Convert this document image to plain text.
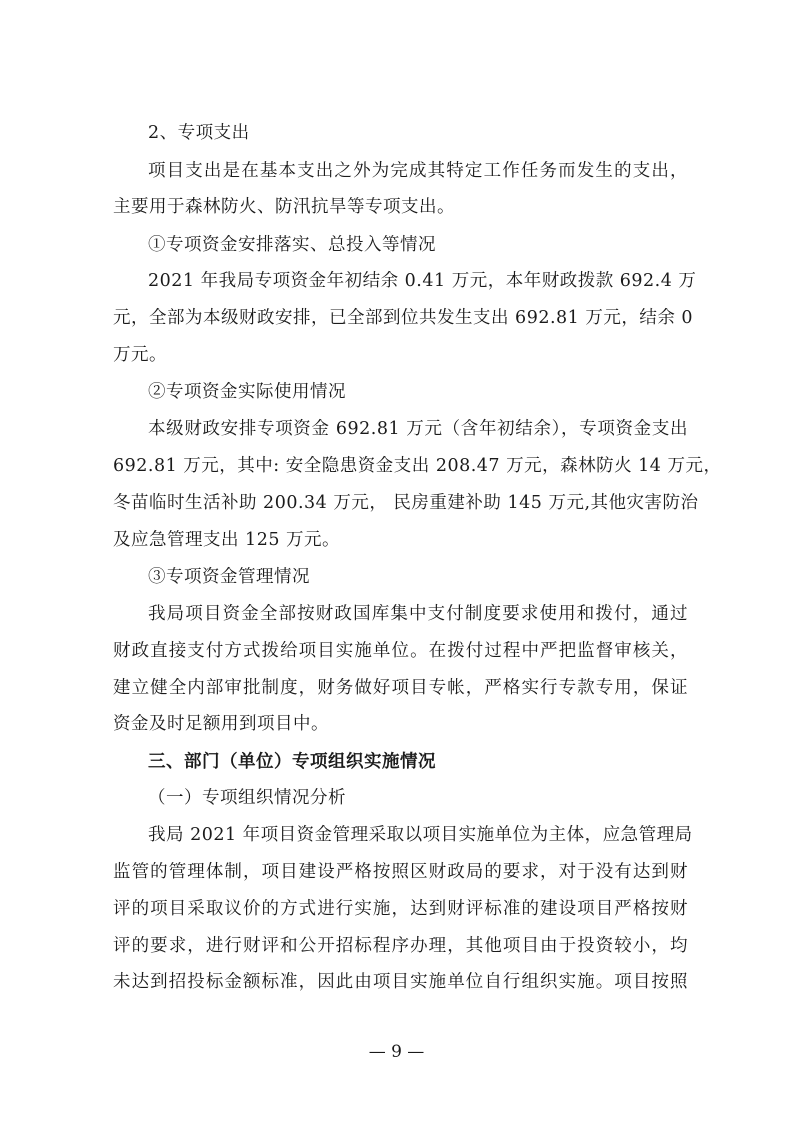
2、专项支出
项目支出是在基本支出之外为完成其特定工作任务而发生的支出，
主要用于森林防火、防汛抗旱等专项支出。
①专项资金安排落实、总投入等情况
2021 年我局专项资金年初结余 0.41 万元，本年财政拨款 692.4 万
元，全部为本级财政安排，已全部到位共发生支出 692.81 万元，结余 0
万元。
②专项资金实际使用情况
本级财政安排专项资金 692.81 万元（含年初结余），专项资金支出
692.81 万元，其中: 安全隐患资金支出 208.47 万元，森林防火 14 万元，
冬苗临时生活补助 200.34 万元， 民房重建补助 145 万元,其他灾害防治
及应急管理支出 125 万元。
③专项资金管理情况
我局项目资金全部按财政国库集中支付制度要求使用和拨付，通过
财政直接支付方式拨给项目实施单位。在拨付过程中严把监督审核关，
建立健全内部审批制度，财务做好项目专帐，严格实行专款专用，保证
资金及时足额用到项目中。
三、部门（单位）专项组织实施情况
（一）专项组织情况分析
我局 2021 年项目资金管理采取以项目实施单位为主体，应急管理局
监管的管理体制，项目建设严格按照区财政局的要求，对于没有达到财
评的项目采取议价的方式进行实施，达到财评标准的建设项目严格按财
评的要求，进行财评和公开招标程序办理，其他项目由于投资较小，均
未达到招投标金额标准，因此由项目实施单位自行组织实施。项目按照
— 9 —
